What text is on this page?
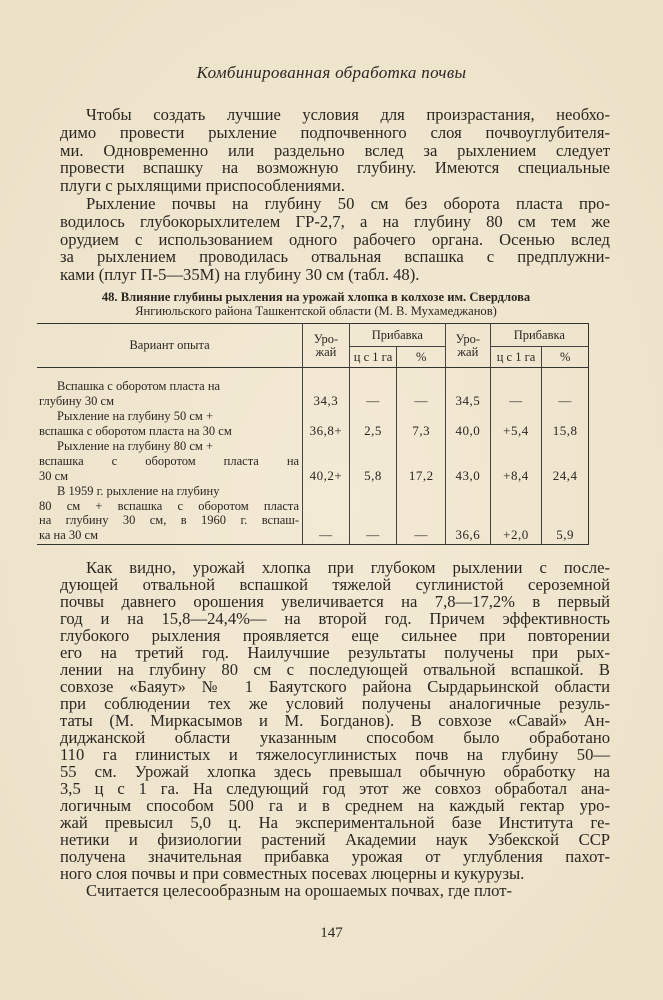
Комбинированная обработка почвы
Чтобы создать лучшие условия для произрастания, необхо-
димо провести рыхление подпочвенного слоя почвоуглубителя-
ми. Одновременно или раздельно вслед за рыхлением следует
провести вспашку на возможную глубину. Имеются специальные
плуги с рыхлящими приспособлениями.
Рыхление почвы на глубину 50 см без оборота пласта про-
водилось глубокорыхлителем ГР-2,7, а на глубину 80 см тем же
орудием с использованием одного рабочего органа. Осенью вслед
за рыхлением проводилась отвальная вспашка с предплужни-
ками (плуг П-5—35М) на глубину 30 см (табл. 48).
48. Влияние глубины рыхления на урожай хлопка в колхозе им. Свердлова
Янгиюльского района Ташкентской области (М. В. Мухамеджанов)
Вариант опыта	Уро-жай	Прибавка		Уро-жай	Прибавка	
		ц с 1 га	%		ц с 1 га	%

Вспашка с оборотом пласта на
глубину 30 см	34,3	—	—	34,5	—	—

Рыхление на глубину 50 см +
вспашка с оборотом пласта на 30 см	36,8+	2,5	7,3	40,0	+5,4	15,8

Рыхление на глубину 80 см +
вспашка с оборотом пласта на
30 см	40,2+	5,8	17,2	43,0	+8,4	24,4

В 1959 г. рыхление на глубину
80 см + вспашка с оборотом пласта
на глубину 30 см, в 1960 г. вспаш-
ка на 30 см	—	—	—	36,6	+2,0	5,9
Как видно, урожай хлопка при глубоком рыхлении с после-
дующей отвальной вспашкой тяжелой суглинистой сероземной
почвы давнего орошения увеличивается на 7,8—17,2% в первый
год и на 15,8—24,4%— на второй год. Причем эффективность
глубокого рыхления проявляется еще сильнее при повторении
его на третий год. Наилучшие результаты получены при рых-
лении на глубину 80 см с последующей отвальной вспашкой. В
совхозе «Баяут» № 1 Баяутского района Сырдарьинской области
при соблюдении тех же условий получены аналогичные резуль-
таты (М. Миркасымов и М. Богданов). В совхозе «Савай» Ан-
диджанской области указанным способом было обработано
110 га глинистых и тяжелосуглинистых почв на глубину 50—
55 см. Урожай хлопка здесь превышал обычную обработку на
3,5 ц с 1 га. На следующий год этот же совхоз обработал ана-
логичным способом 500 га и в среднем на каждый гектар уро-
жай превысил 5,0 ц. На экспериментальной базе Института ге-
нетики и физиологии растений Академии наук Узбекской ССР
получена значительная прибавка урожая от углубления пахот-
ного слоя почвы и при совместных посевах люцерны и кукурузы.
Считается целесообразным на орошаемых почвах, где плот-
147
